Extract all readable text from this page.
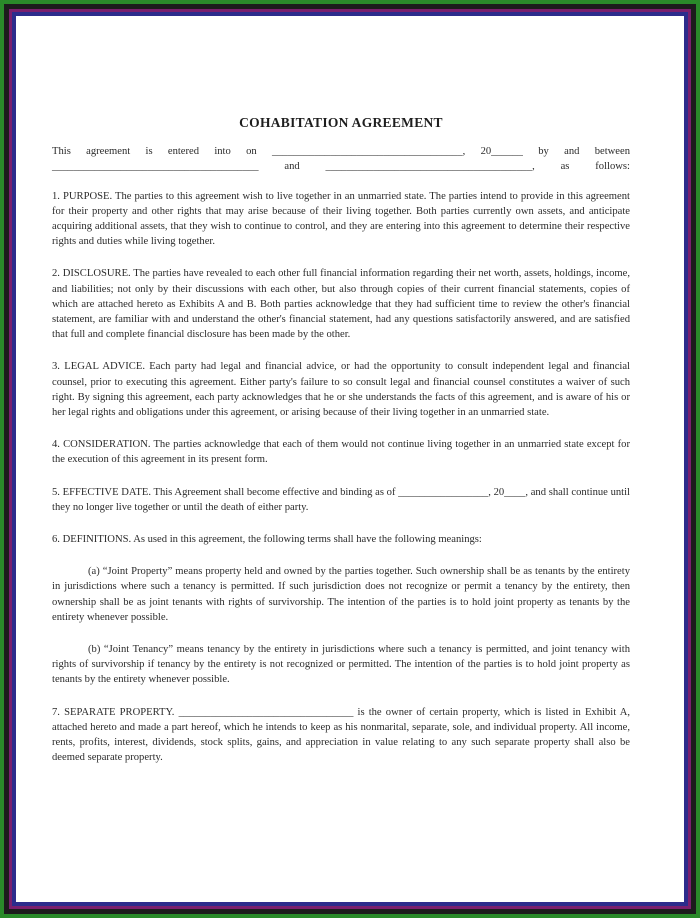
COHABITATION AGREEMENT
This agreement is entered into on ____________________________________, 20______ by and between
_______________________________________ and _______________________________________, as follows:
1. PURPOSE. The parties to this agreement wish to live together in an unmarried state. The parties intend to provide in this agreement for their property and other rights that may arise because of their living together. Both parties currently own assets, and anticipate acquiring additional assets, that they wish to continue to control, and they are entering into this agreement to determine their respective rights and duties while living together.
2. DISCLOSURE. The parties have revealed to each other full financial information regarding their net worth, assets, holdings, income, and liabilities; not only by their discussions with each other, but also through copies of their current financial statements, copies of which are attached hereto as Exhibits A and B. Both parties acknowledge that they had sufficient time to review the other's financial statement, are familiar with and understand the other's financial statement, had any questions satisfactorily answered, and are satisfied that full and complete financial disclosure has been made by the other.
3. LEGAL ADVICE. Each party had legal and financial advice, or had the opportunity to consult independent legal and financial counsel, prior to executing this agreement. Either party's failure to so consult legal and financial counsel constitutes a waiver of such right. By signing this agreement, each party acknowledges that he or she understands the facts of this agreement, and is aware of his or her legal rights and obligations under this agreement, or arising because of their living together in an unmarried state.
4. CONSIDERATION. The parties acknowledge that each of them would not continue living together in an unmarried state except for the execution of this agreement in its present form.
5. EFFECTIVE DATE. This Agreement shall become effective and binding as of _________________, 20____, and shall continue until they no longer live together or until the death of either party.
6. DEFINITIONS. As used in this agreement, the following terms shall have the following meanings:
(a) “Joint Property” means property held and owned by the parties together. Such ownership shall be as tenants by the entirety in jurisdictions where such a tenancy is permitted. If such jurisdiction does not recognize or permit a tenancy by the entirety, then ownership shall be as joint tenants with rights of survivorship. The intention of the parties is to hold joint property as tenants by the entirety whenever possible.
(b) “Joint Tenancy” means tenancy by the entirety in jurisdictions where such a tenancy is permitted, and joint tenancy with rights of survivorship if tenancy by the entirety is not recognized or permitted. The intention of the parties is to hold joint property as tenants by the entirety whenever possible.
7. SEPARATE PROPERTY. _________________________________ is the owner of certain property, which is listed in Exhibit A, attached hereto and made a part hereof, which he intends to keep as his nonmarital, separate, sole, and individual property. All income, rents, profits, interest, dividends, stock splits, gains, and appreciation in value relating to any such separate property shall also be deemed separate property.
